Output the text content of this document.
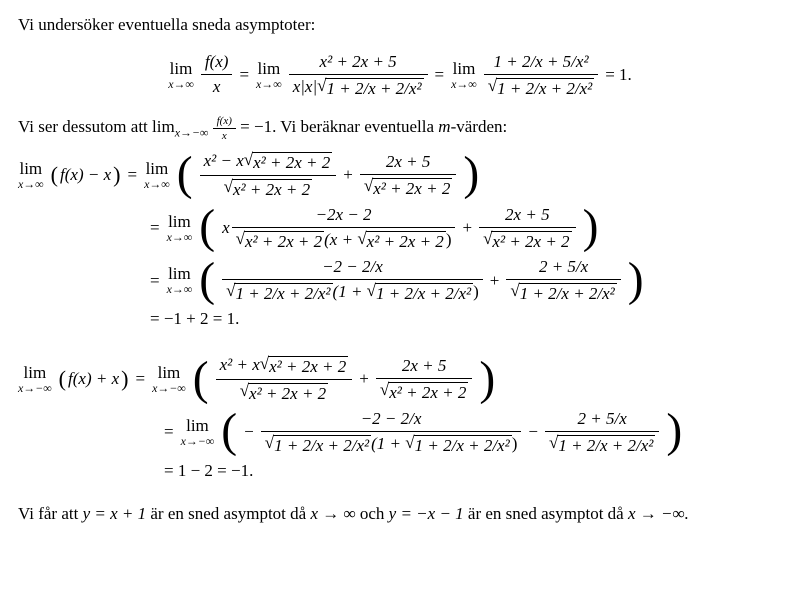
Vi undersöker eventuella sneda asymptoter:

lim
$x\to\infty \frac{f(x)}{x} = \lim$
$x\to\infty \frac{\text{x² + 2x + 5}}{\text{x|x| √ 1 + 2/x + 2/x²}} = \lim$
$x\to\infty \frac{\text{1 + 2/x + 5/x²}}{\text{√ 1 + 2/x + 2/x²}} = 1$.

Vi ser dessutom att $\lim_{x\to-\infty} \frac{f(x)}{x} = -1$. Vi beräknar eventuella m-värden:

lim
x→∞ ( f(x) − x ) = lim
x→∞ ( $\frac{\text{x² − x √ x² + 2x + 2}}{\text{√ x² + 2x + 2}} + \frac{2x + 5}{\text{√ x² + 2x + 2}}$ )
= lim
x→∞ ( x $\frac{-2x - 2}{\text{√ x² + 2x + 2 (x + √ x² + 2x + 2 )}} + \frac{2x + 5}{\text{√ x² + 2x + 2}}$ )
= lim
x→∞ ( $\frac{-2 - 2/x}{\text{√ 1 + 2/x + 2/x² (1 + √ 1 + 2/x + 2/x² )}} + \frac{2 + 5/x}{\text{√ 1 + 2/x + 2/x²}}$ )
= −1 + 2 = 1.
lim
x→−∞ ( f(x) + x ) = lim
x→−∞ ( $\frac{\text{x² + x √ x² + 2x + 2}}{\text{√ x² + 2x + 2}} + \frac{2x + 5}{\text{√ x² + 2x + 2}}$ )
= lim
x→−∞ ( − $\frac{-2 - 2/x}{\text{√ 1 + 2/x + 2/x² (1 + √ 1 + 2/x + 2/x² )}} - \frac{2 + 5/x}{\text{√ 1 + 2/x + 2/x²}}$ )
= 1 − 2 = −1.

Vi får att y = x + 1 är en sned asymptot då x → ∞ och y = −x − 1 är en sned asymptot då x → −∞.
